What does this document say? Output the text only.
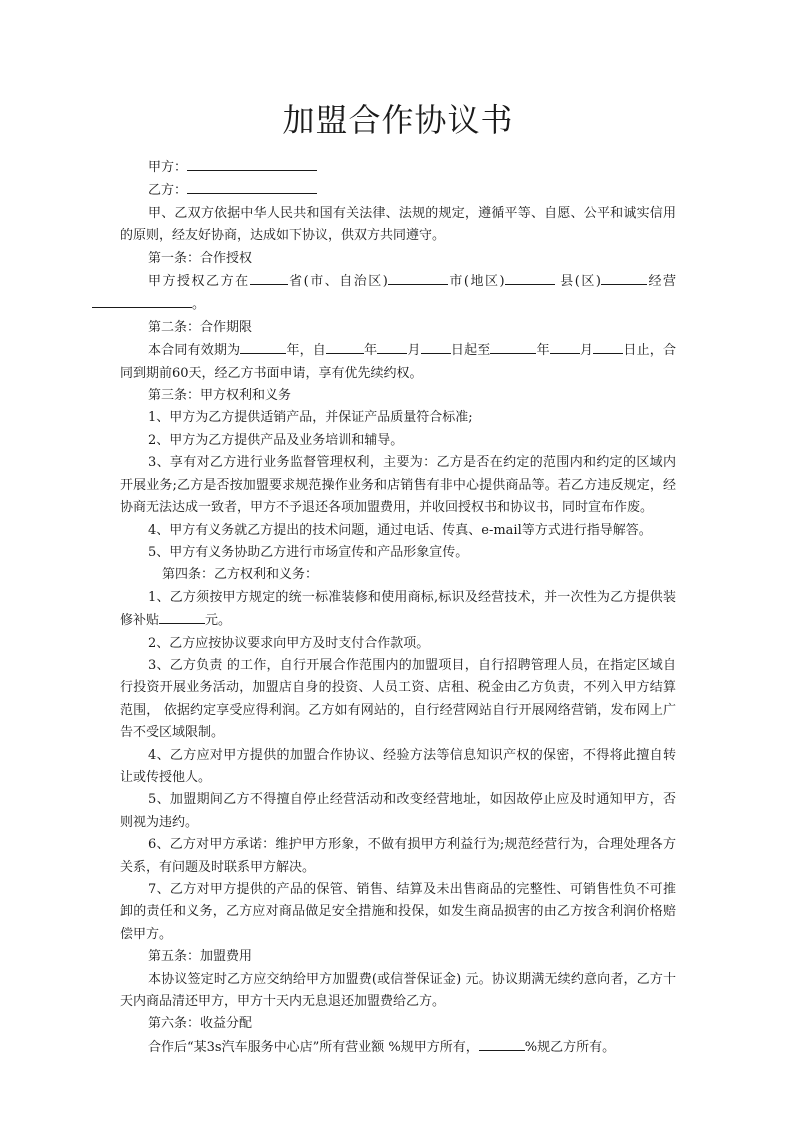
加盟合作协议书

甲方：

乙方：

甲、乙双方依据中华人民共和国有关法律、法规的规定，遵循平等、自愿、公平和诚实信用的原则，经友好协商，达成如下协议，供双方共同遵守。

第一条：合作授权

甲方授权乙方在	省(市、自治区)	市(地区)	县(区)	经营。

第二条：合作期限

本合同有效期为	年，自	年 月 日起至	年 月 日止，合同到期前60天，经乙方书面申请，享有优先续约权。

第三条：甲方权利和义务

1、甲方为乙方提供适销产品，并保证产品质量符合标准;

2、甲方为乙方提供产品及业务培训和辅导。

3、享有对乙方进行业务监督管理权利，主要为：乙方是否在约定的范围内和约定的区域内开展业务;乙方是否按加盟要求规范操作业务和店销售有非中心提供商品等。若乙方违反规定，经协商无法达成一致者，甲方不予退还各项加盟费用，并收回授权书和协议书，同时宣布作废。

4、甲方有义务就乙方提出的技术问题，通过电话、传真、e-mail等方式进行指导解答。

5、甲方有义务协助乙方进行市场宣传和产品形象宣传。

第四条：乙方权利和义务：

1、乙方须按甲方规定的统一标准装修和使用商标,标识及经营技术，并一次性为乙方提供装修补贴	元。

2、乙方应按协议要求向甲方及时支付合作款项。

3、乙方负责 的工作，自行开展合作范围内的加盟项目，自行招聘管理人员，在指定区域自行投资开展业务活动，加盟店自身的投资、人员工资、店租、税金由乙方负责，不列入甲方结算范围， 依据约定享受应得利润。乙方如有网站的，自行经营网站自行开展网络营销，发布网上广告不受区域限制。

4、乙方应对甲方提供的加盟合作协议、经验方法等信息知识产权的保密，不得将此擅自转让或传授他人。

5、加盟期间乙方不得擅自停止经营活动和改变经营地址，如因故停止应及时通知甲方，否则视为违约。

6、乙方对甲方承诺：维护甲方形象，不做有损甲方利益行为;规范经营行为，合理处理各方关系，有问题及时联系甲方解决。

7、乙方对甲方提供的产品的保管、销售、结算及未出售商品的完整性、可销售性负不可推卸的责任和义务，乙方应对商品做足安全措施和投保，如发生商品损害的由乙方按含利润价格赔偿甲方。

第五条：加盟费用

本协议签定时乙方应交纳给甲方加盟费(或信誉保证金) 元。协议期满无续约意向者，乙方十天内商品清还甲方，甲方十天内无息退还加盟费给乙方。

第六条：收益分配

合作后“某3s汽车服务中心店”所有营业额 %规甲方所有，	%规乙方所有。
